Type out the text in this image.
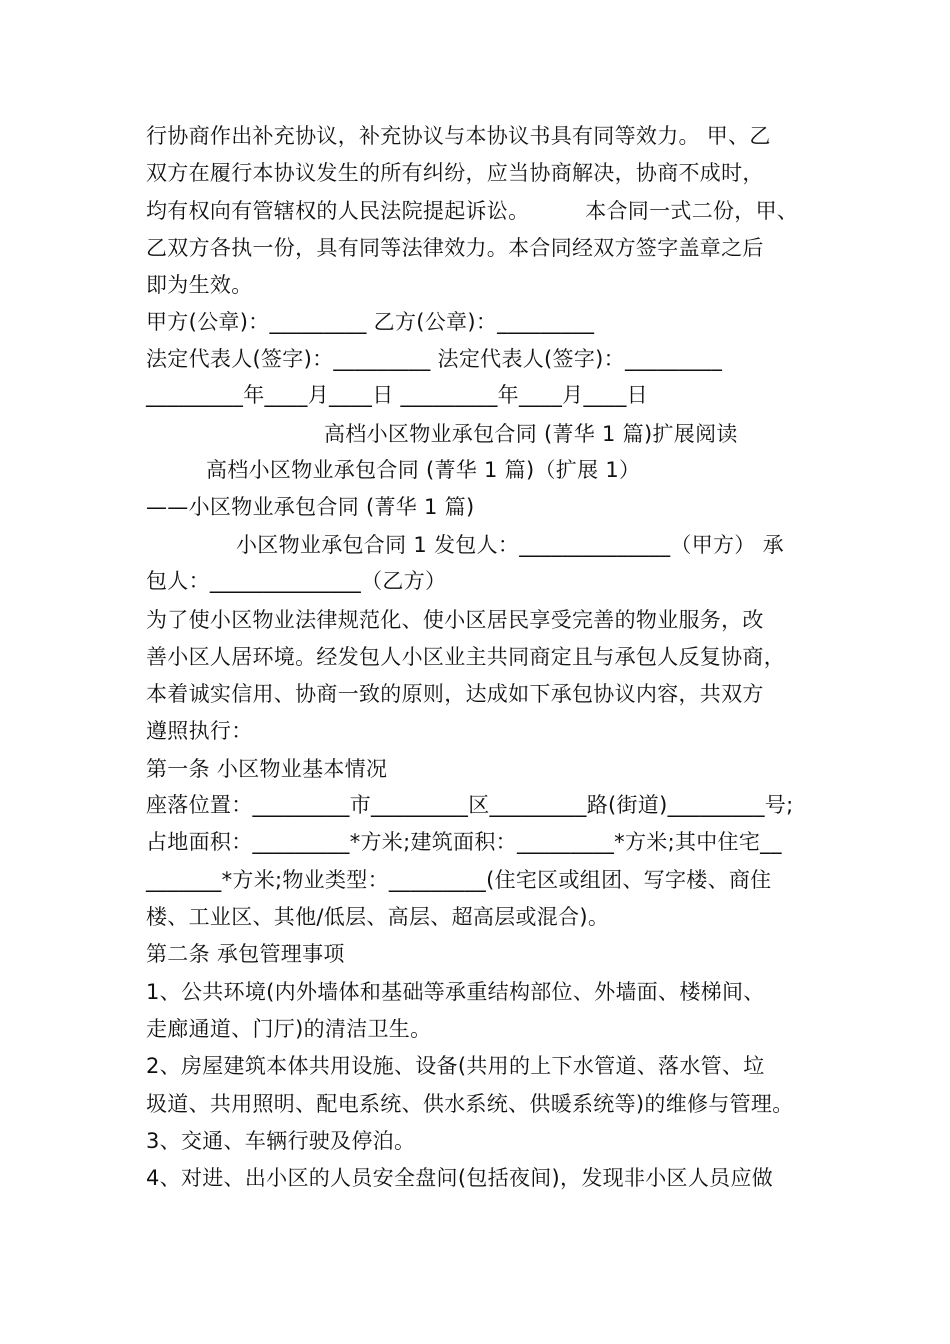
行协商作出补充协议，补充协议与本协议书具有同等效力。 甲、乙
双方在履行本协议发生的所有纠纷，应当协商解决，协商不成时，
均有权向有管辖权的人民法院提起诉讼。        本合同一式二份，甲、
乙双方各执一份，具有同等法律效力。本合同经双方签字盖章之后
即为生效。
甲方(公章)：_________ 乙方(公章)：_________
法定代表人(签字)：_________ 法定代表人(签字)：_________
_________年____月____日 _________年____月____日
高档小区物业承包合同 (菁华 1 篇)扩展阅读
高档小区物业承包合同 (菁华 1 篇)（扩展 1）
——小区物业承包合同 (菁华 1 篇)
小区物业承包合同 1 发包人：______________（甲方） 承
包人：______________（乙方）
为了使小区物业法律规范化、使小区居民享受完善的物业服务，改
善小区人居环境。经发包人小区业主共同商定且与承包人反复协商，
本着诚实信用、协商一致的原则，达成如下承包协议内容，共双方
遵照执行：
第一条 小区物业基本情况
座落位置：_________市_________区_________路(街道)_________号;
占地面积：_________*方米;建筑面积：_________*方米;其中住宅__
_______*方米;物业类型：_________(住宅区或组团、写字楼、商住
楼、工业区、其他/低层、高层、超高层或混合)。
第二条 承包管理事项
1、公共环境(内外墙体和基础等承重结构部位、外墙面、楼梯间、
走廊通道、门厅)的清洁卫生。
2、房屋建筑本体共用设施、设备(共用的上下水管道、落水管、垃
圾道、共用照明、配电系统、供水系统、供暖系统等)的维修与管理。
3、交通、车辆行驶及停泊。
4、对进、出小区的人员安全盘问(包括夜间)，发现非小区人员应做
